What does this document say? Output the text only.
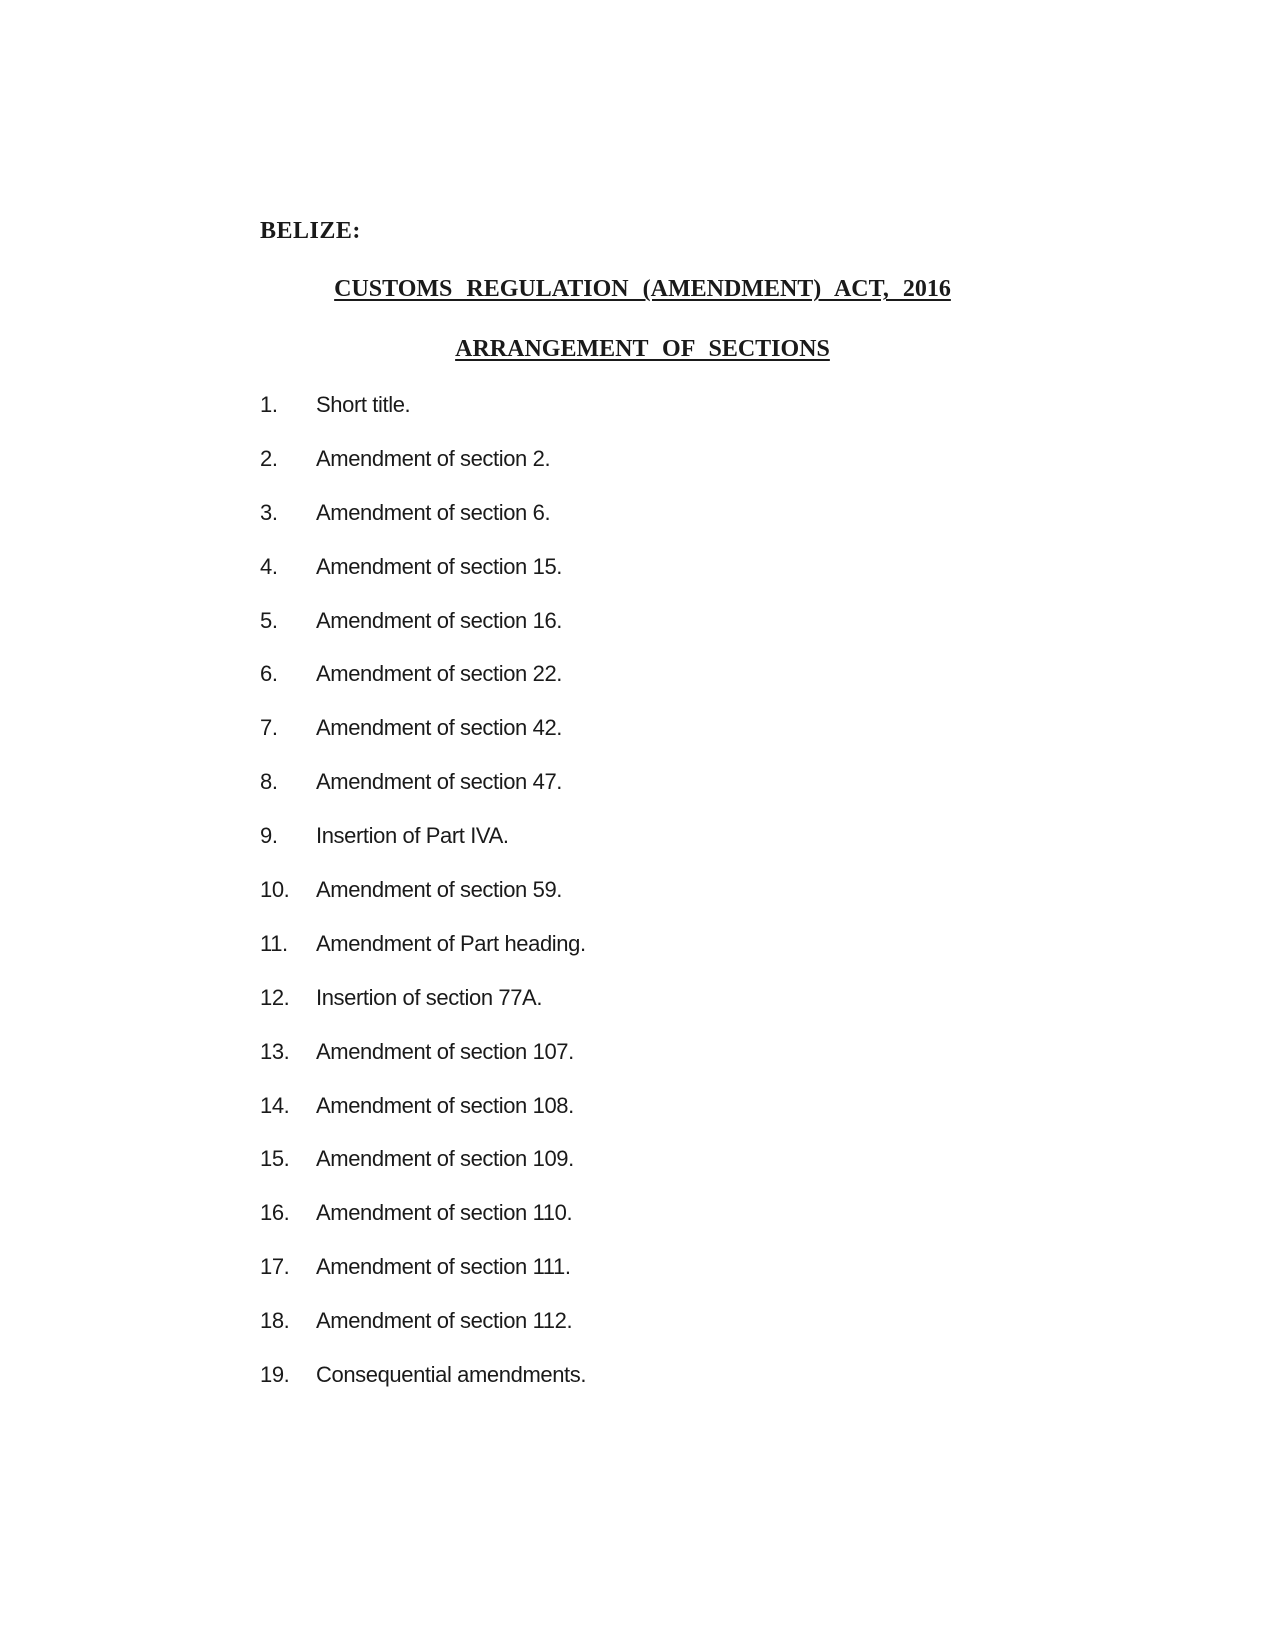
BELIZE:
CUSTOMS REGULATION (AMENDMENT) ACT, 2016
ARRANGEMENT OF SECTIONS
1.	Short title.
2.	Amendment of section 2.
3.	Amendment of section 6.
4.	Amendment of section 15.
5.	Amendment of section 16.
6.	Amendment of section 22.
7.	Amendment of section 42.
8.	Amendment of section 47.
9.	Insertion of Part IVA.
10.	Amendment of section 59.
11.	Amendment of Part heading.
12.	Insertion of section 77A.
13.	Amendment of section 107.
14.	Amendment of section 108.
15.	Amendment of section 109.
16.	Amendment of section 110.
17.	Amendment of section 111.
18.	Amendment of section 112.
19.	Consequential amendments.
